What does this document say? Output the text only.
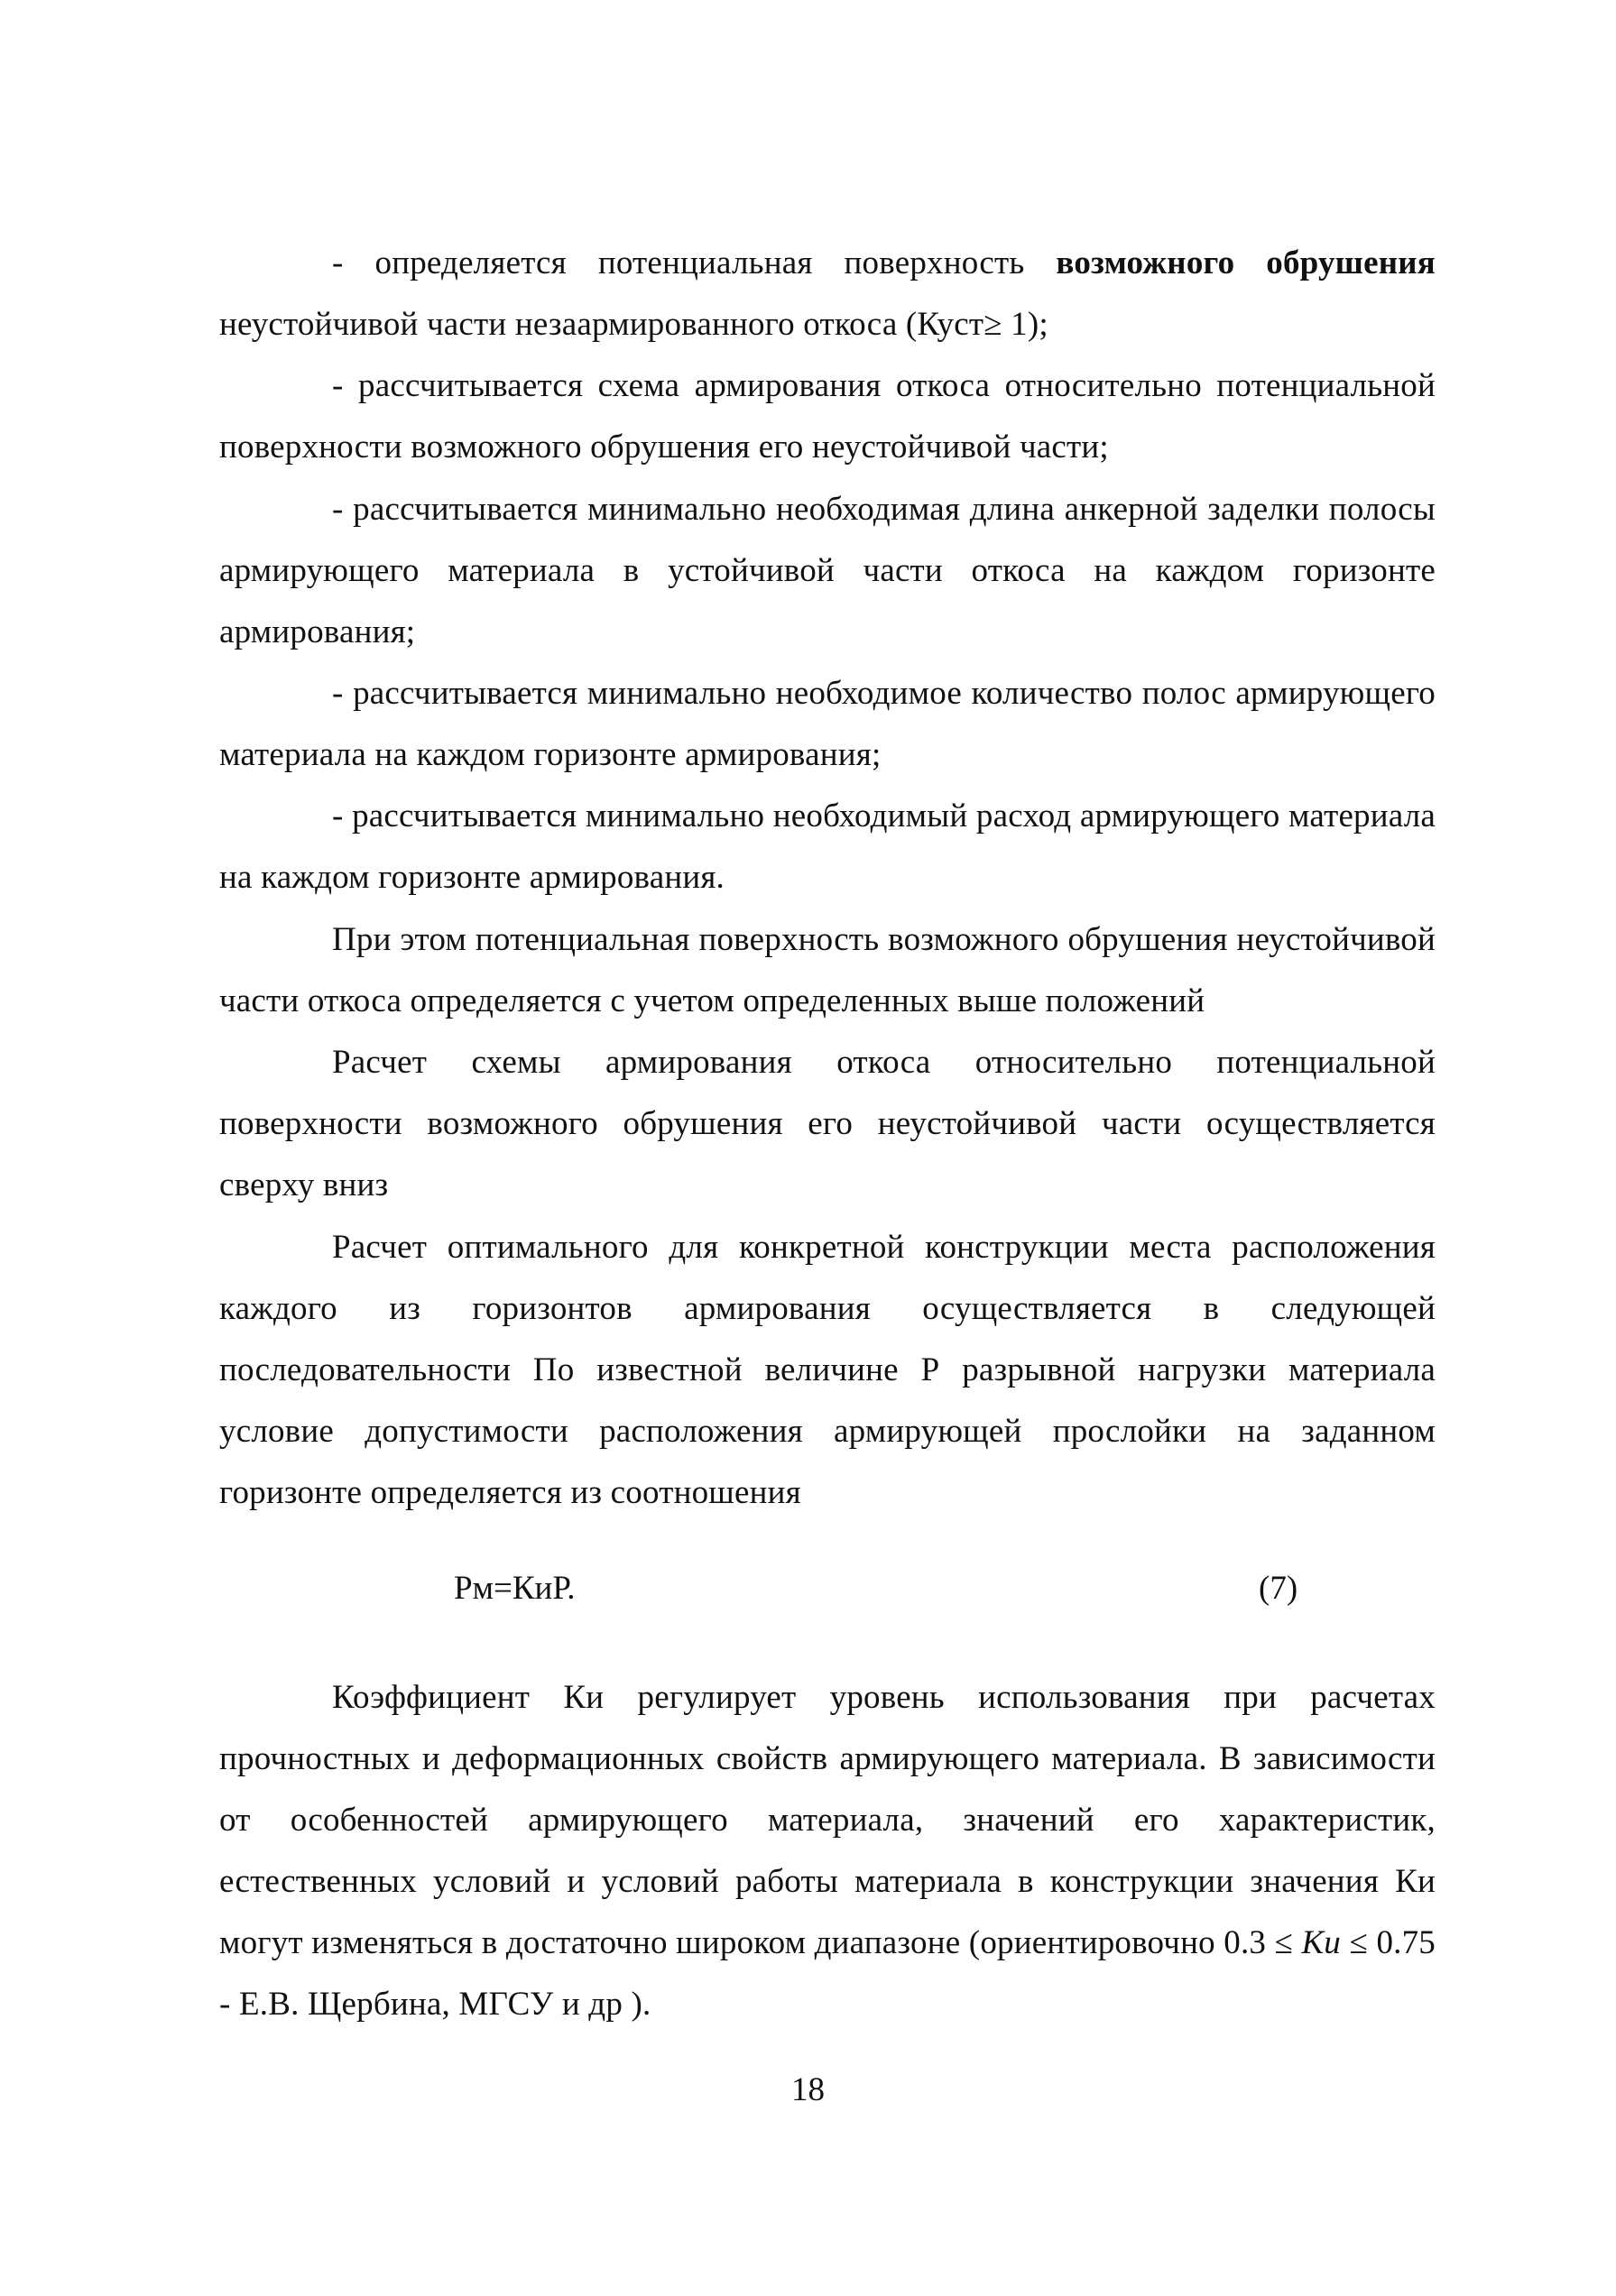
- определяется потенциальная поверхность возможного обрушения неустойчивой части незаармированного откоса (Куст≥ 1);

- рассчитывается схема армирования откоса относительно потенциальной поверхности возможного обрушения его неустойчивой части;

- рассчитывается минимально необходимая длина анкерной заделки полосы армирующего материала в устойчивой части откоса на каждом горизонте армирования;

- рассчитывается минимально необходимое количество полос армирующего материала на каждом горизонте армирования;

- рассчитывается минимально необходимый расход армирующего материала на каждом горизонте армирования.

При этом потенциальная поверхность возможного обрушения неустойчивой части откоса определяется с учетом определенных выше положений

Расчет схемы армирования откоса относительно потенциальной поверхности возможного обрушения его неустойчивой части осуществляется сверху вниз

Расчет оптимального для конкретной конструкции места расположения каждого из горизонтов армирования осуществляется в следующей последовательности По известной величине Р разрывной нагрузки материала условие допустимости расположения армирующей прослойки на заданном горизонте определяется из соотношения

Рм=КиР.	(7)

Коэффициент Ки регулирует уровень использования при расчетах прочностных и деформационных свойств армирующего материала. В зависимости от особенностей армирующего материала, значений его характеристик, естественных условий и условий работы материала в конструкции значения Ки могут изменяться в достаточно широком диапазоне (ориентировочно 0.3 ≤ Ки ≤ 0.75 - Е.В. Щербина, МГСУ и др ).

18
